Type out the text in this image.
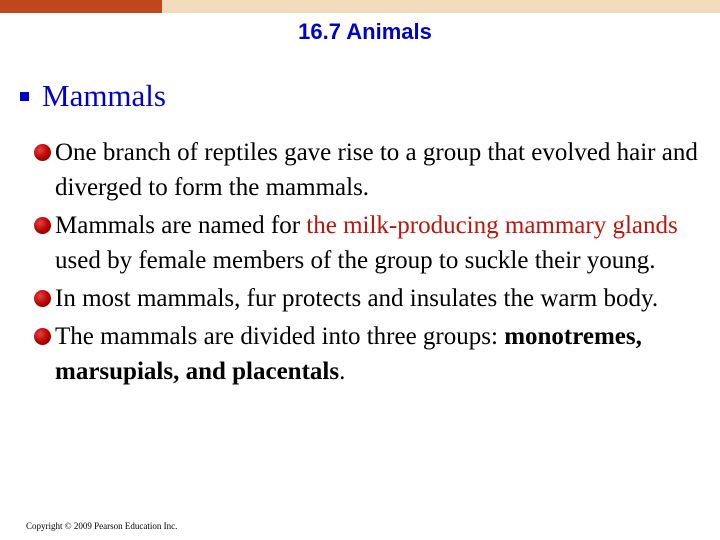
16.7 Animals
Mammals
One branch of reptiles gave rise to a group that evolved hair and diverged to form the mammals.
Mammals are named for the milk-producing mammary glands used by female members of the group to suckle their young.
In most mammals, fur protects and insulates the warm body.
The mammals are divided into three groups: monotremes, marsupials, and placentals.
Copyright © 2009 Pearson Education Inc.
